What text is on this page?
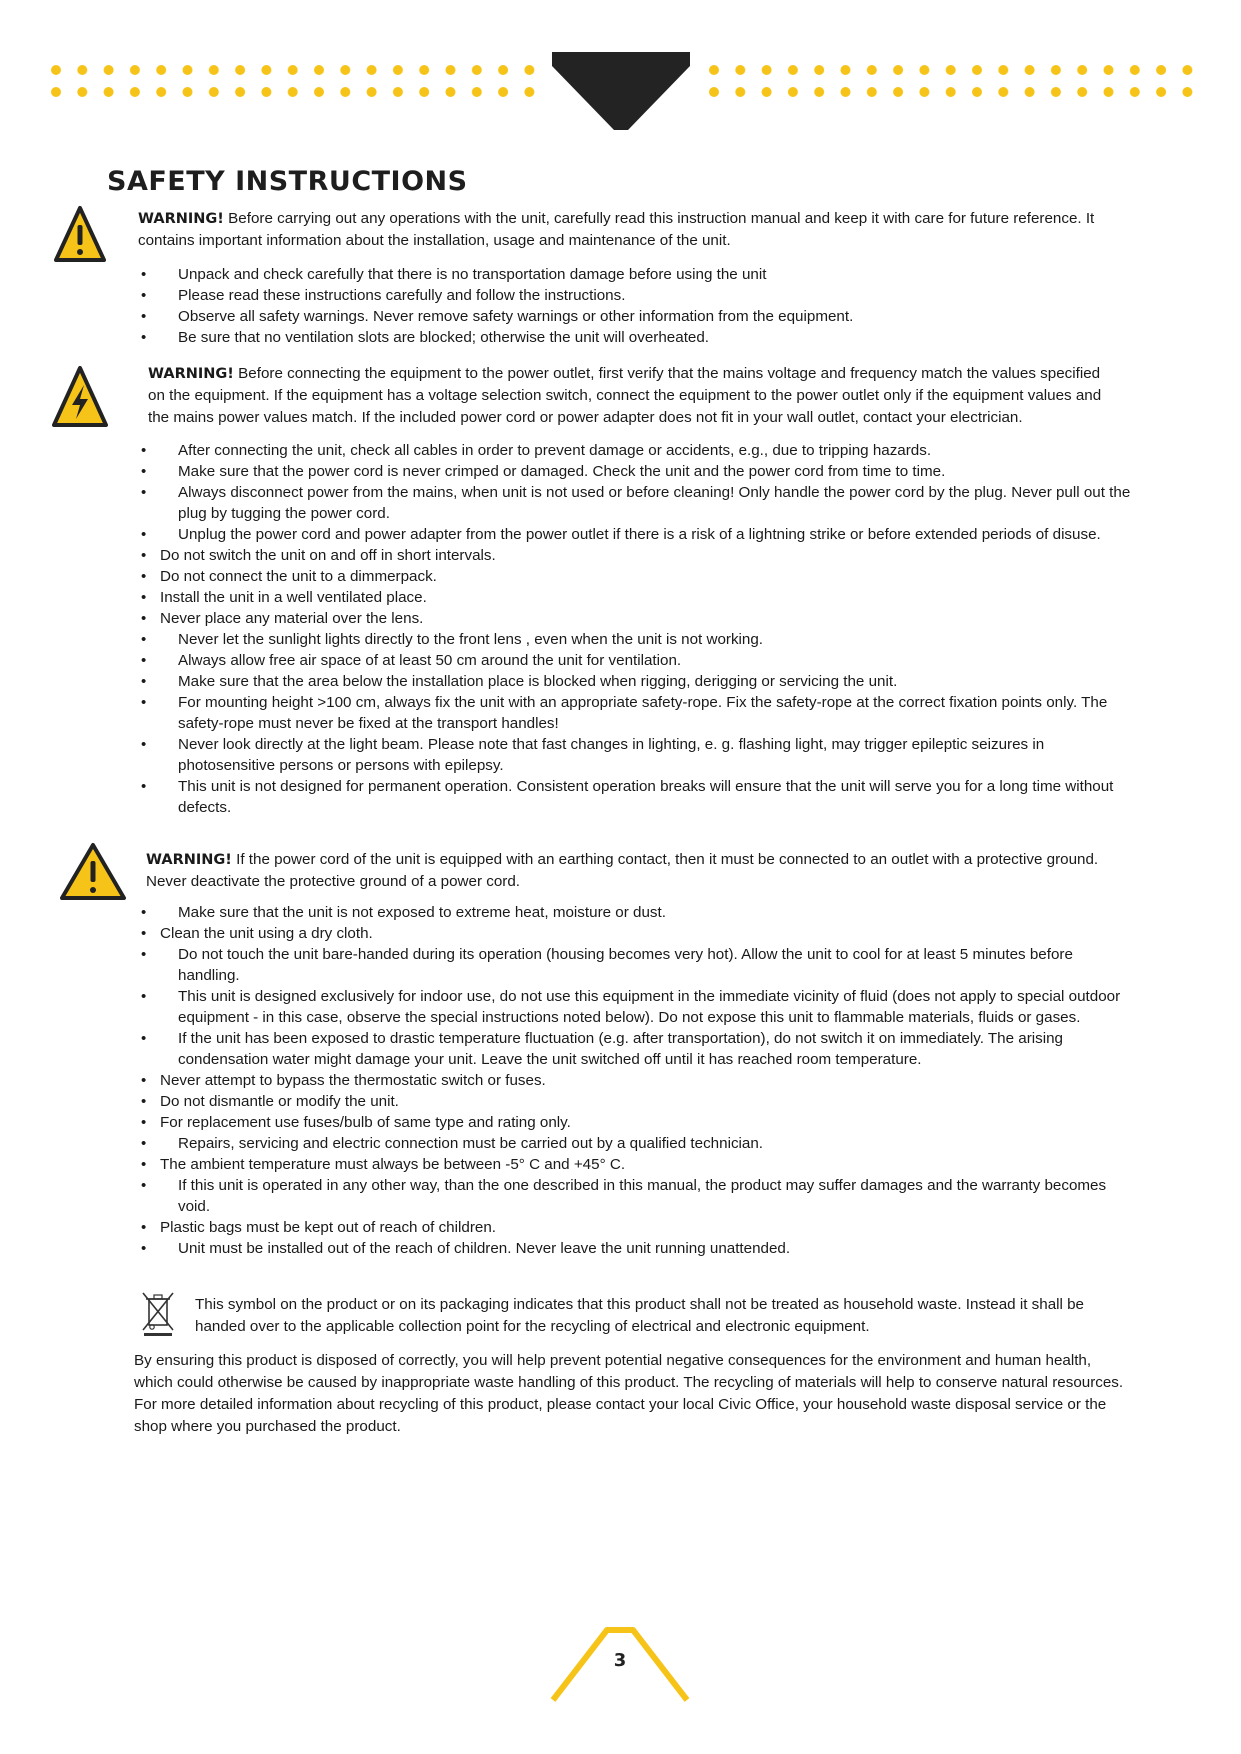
SAFETY INSTRUCTIONS

WARNING! Before carrying out any operations with the unit, carefully read this instruction manual and keep it with care for future reference. It contains important information about the installation, usage and maintenance of the unit.

• Unpack and check carefully that there is no transportation damage before using the unit
• Please read these instructions carefully and follow the instructions.
• Observe all safety warnings. Never remove safety warnings or other information from the equipment.
• Be sure that no ventilation slots are blocked; otherwise the unit will overheated.

WARNING! Before connecting the equipment to the power outlet, first verify that the mains voltage and frequency match the values specified on the equipment. If the equipment has a voltage selection switch, connect the equipment to the power outlet only if the equipment values and the mains power values match. If the included power cord or power adapter does not fit in your wall outlet, contact your electrician.

• After connecting the unit, check all cables in order to prevent damage or accidents, e.g., due to tripping hazards.
• Make sure that the power cord is never crimped or damaged. Check the unit and the power cord from time to time.
• Always disconnect power from the mains, when unit is not used or before cleaning! Only handle the power cord by the plug. Never pull out the plug by tugging the power cord.
• Unplug the power cord and power adapter from the power outlet if there is a risk of a lightning strike or before extended periods of disuse.
• Do not switch the unit on and off in short intervals.
• Do not connect the unit to a dimmerpack.
• Install the unit in a well ventilated place.
• Never place any material over the lens.
• Never let the sunlight lights directly to the front lens , even when the unit is not working.
• Always allow free air space of at least 50 cm around the unit for ventilation.
• Make sure that the area below the installation place is blocked when rigging, derigging or servicing the unit.
• For mounting height >100 cm, always fix the unit with an appropriate safety-rope. Fix the safety-rope at the correct fixation points only. The safety-rope must never be fixed at the transport handles!
• Never look directly at the light beam. Please note that fast changes in lighting, e. g. flashing light, may trigger epileptic seizures in photosensitive persons or persons with epilepsy.
• This unit is not designed for permanent operation. Consistent operation breaks will ensure that the unit will serve you for a long time without defects.

WARNING! If the power cord of the unit is equipped with an earthing contact, then it must be connected to an outlet with a protective ground. Never deactivate the protective ground of a power cord.

• Make sure that the unit is not exposed to extreme heat, moisture or dust.
• Clean the unit using a dry cloth.
• Do not touch the unit bare-handed during its operation (housing becomes very hot). Allow the unit to cool for at least 5 minutes before handling.
• This unit is designed exclusively for indoor use, do not use this equipment in the immediate vicinity of fluid (does not apply to special outdoor equipment - in this case, observe the special instructions noted below). Do not expose this unit to flammable materials, fluids or gases.
• If the unit has been exposed to drastic temperature fluctuation (e.g. after transportation), do not switch it on immediately. The arising condensation water might damage your unit. Leave the unit switched off until it has reached room temperature.
• Never attempt to bypass the thermostatic switch or fuses.
• Do not dismantle or modify the unit.
• For replacement use fuses/bulb of same type and rating only.
• Repairs, servicing and electric connection must be carried out by a qualified technician.
• The ambient temperature must always be between -5° C and +45° C.
• If this unit is operated in any other way, than the one described in this manual, the product may suffer damages and the warranty becomes void.
• Plastic bags must be kept out of reach of children.
• Unit must be installed out of the reach of children. Never leave the unit running unattended.

This symbol on the product or on its packaging indicates that this product shall not be treated as household waste. Instead it shall be handed over to the applicable collection point for the recycling of electrical and electronic equipment.

By ensuring this product is disposed of correctly, you will help prevent potential negative consequences for the environment and human health, which could otherwise be caused by inappropriate waste handling of this product. The recycling of materials will help to conserve natural resources. For more detailed information about recycling of this product, please contact your local Civic Office, your household waste disposal service or the shop where you purchased the product.

3
